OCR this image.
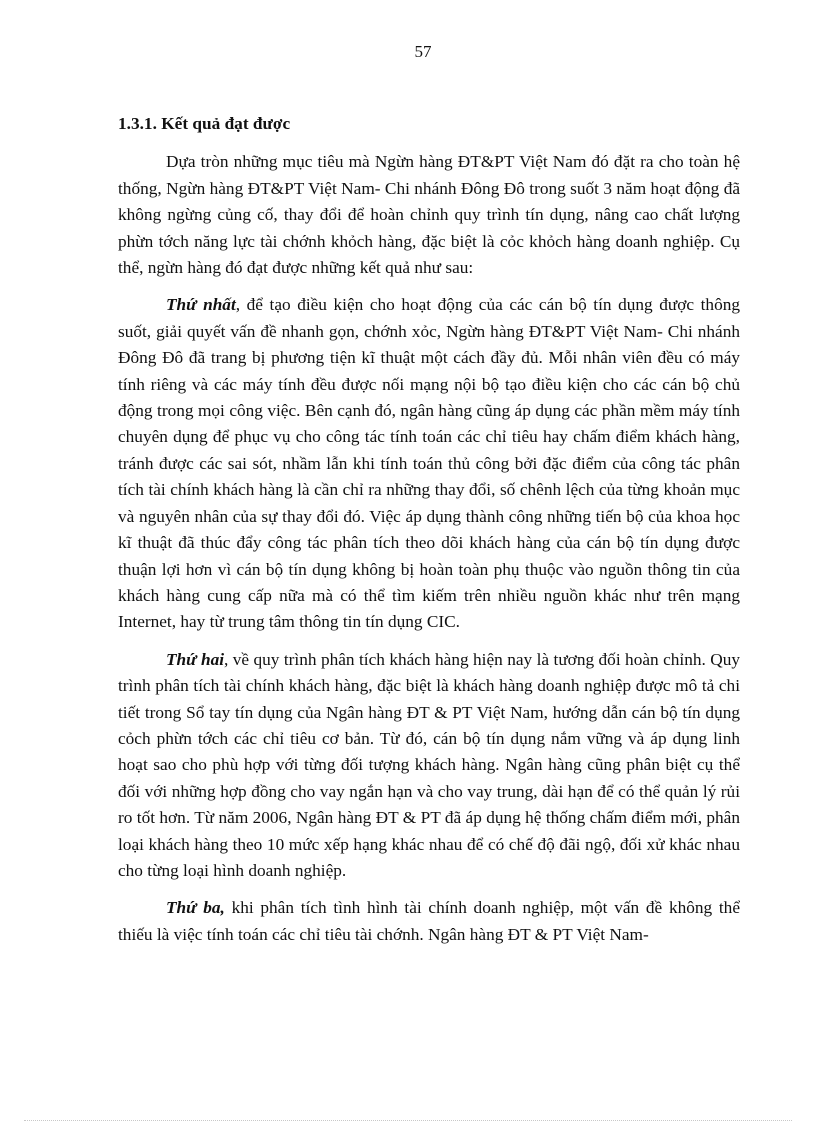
57
1.3.1. Kết quả đạt được

Dựa tròn những mục tiêu mà Ngừn hàng ĐT&PT Việt Nam đó đặt ra cho toàn hệ thống, Ngừn hàng ĐT&PT Việt Nam- Chi nhánh Đông Đô trong suốt 3 năm hoạt động đã không ngừng củng cố, thay đổi để hoàn chỉnh quy trình tín dụng, nâng cao chất lượng phừn tớch năng lực tài chớnh khỏch hàng, đặc biệt là cỏc khỏch hàng doanh nghiệp. Cụ thể, ngừn hàng đó đạt được những kết quả như sau:

Thứ nhất, để tạo điều kiện cho hoạt động của các cán bộ tín dụng được thông suốt, giải quyết vấn đề nhanh gọn, chớnh xỏc, Ngừn hàng ĐT&PT Việt Nam- Chi nhánh Đông Đô đã trang bị phương tiện kĩ thuật một cách đầy đủ. Mỗi nhân viên đều có máy tính riêng và các máy tính đều được nối mạng nội bộ tạo điều kiện cho các cán bộ chủ động trong mọi công việc. Bên cạnh đó, ngân hàng cũng áp dụng các phần mềm máy tính chuyên dụng để phục vụ cho công tác tính toán các chỉ tiêu hay chấm điểm khách hàng, tránh được các sai sót, nhầm lẫn khi tính toán thủ công bởi đặc điểm của công tác phân tích tài chính khách hàng là cần chỉ ra những thay đổi, số chênh lệch của từng khoản mục và nguyên nhân của sự thay đổi đó. Việc áp dụng thành công những tiến bộ của khoa học kĩ thuật đã thúc đẩy công tác phân tích theo dõi khách hàng của cán bộ tín dụng được thuận lợi hơn vì cán bộ tín dụng không bị hoàn toàn phụ thuộc vào nguồn thông tin của khách hàng cung cấp nữa mà có thể tìm kiếm trên nhiều nguồn khác như trên mạng Internet, hay từ trung tâm thông tin tín dụng CIC.

Thứ hai, về quy trình phân tích khách hàng hiện nay là tương đối hoàn chỉnh. Quy trình phân tích tài chính khách hàng, đặc biệt là khách hàng doanh nghiệp được mô tả chi tiết trong Sổ tay tín dụng của Ngân hàng ĐT & PT Việt Nam, hướng dẫn cán bộ tín dụng cỏch phừn tớch các chỉ tiêu cơ bản. Từ đó, cán bộ tín dụng nắm vững và áp dụng linh hoạt sao cho phù hợp với từng đối tượng khách hàng. Ngân hàng cũng phân biệt cụ thể đối với những hợp đồng cho vay ngắn hạn và cho vay trung, dài hạn để có thể quản lý rủi ro tốt hơn. Từ năm 2006, Ngân hàng ĐT & PT đã áp dụng hệ thống chấm điểm mới, phân loại khách hàng theo 10 mức xếp hạng khác nhau để có chế độ đãi ngộ, đối xử khác nhau cho từng loại hình doanh nghiệp.

Thứ ba, khi phân tích tình hình tài chính doanh nghiệp, một vấn đề không thể thiếu là việc tính toán các chỉ tiêu tài chớnh. Ngân hàng ĐT & PT Việt Nam-
